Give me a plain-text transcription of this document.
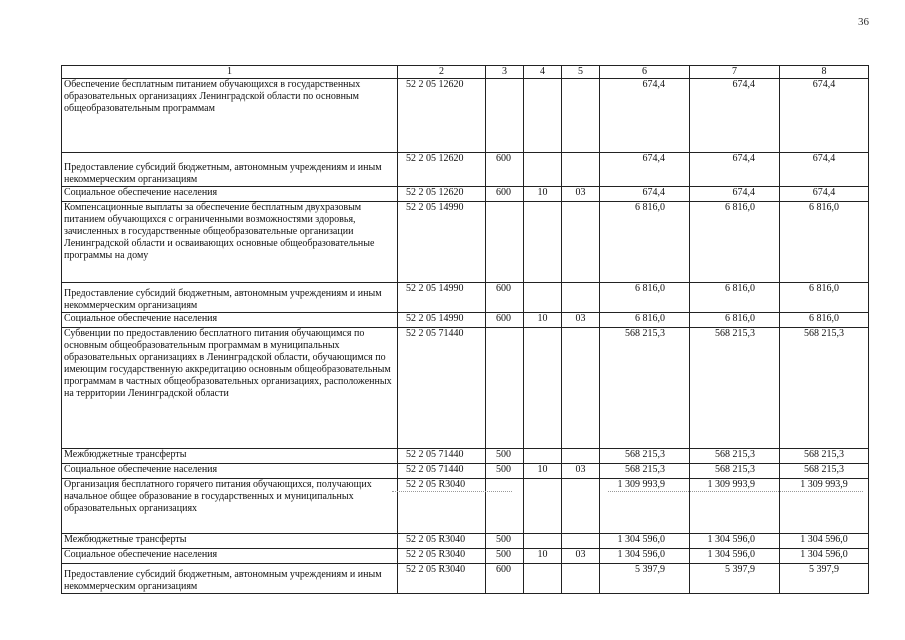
36
1	2	3	4	5	6	7	8
Обеспечение бесплатным питанием обучающихся в государственных образовательных организациях Ленинградской области по основным общеобразовательным программам	52 2 05 12620				674,4	674,4	674,4
Предоставление субсидий бюджетным, автономным учреждениям и иным некоммерческим организациям	52 2 05 12620	600			674,4	674,4	674,4
Социальное обеспечение населения	52 2 05 12620	600	10	03	674,4	674,4	674,4
Компенсационные выплаты за обеспечение бесплатным двухразовым питанием обучающихся с ограниченными возможностями здоровья, зачисленных в государственные общеобразовательные организации Ленинградской области и осваивающих основные общеобразовательные программы на дому	52 2 05 14990				6 816,0	6 816,0	6 816,0
Предоставление субсидий бюджетным, автономным учреждениям и иным некоммерческим организациям	52 2 05 14990	600			6 816,0	6 816,0	6 816,0
Социальное обеспечение населения	52 2 05 14990	600	10	03	6 816,0	6 816,0	6 816,0
Субвенции по предоставлению бесплатного питания обучающимся по основным общеобразовательным программам в муниципальных образовательных организациях в Ленинградской области, обучающимся по имеющим государственную аккредитацию основным общеобразовательным программам в частных общеобразовательных организациях, расположенных на территории Ленинградской области	52 2 05 71440				568 215,3	568 215,3	568 215,3
Межбюджетные трансферты	52 2 05 71440	500			568 215,3	568 215,3	568 215,3
Социальное обеспечение населения	52 2 05 71440	500	10	03	568 215,3	568 215,3	568 215,3
Организация бесплатного горячего питания обучающихся, получающих начальное общее образование в государственных и муниципальных образовательных организациях	52 2 05 R3040				1 309 993,9	1 309 993,9	1 309 993,9
Межбюджетные трансферты	52 2 05 R3040	500			1 304 596,0	1 304 596,0	1 304 596,0
Социальное обеспечение населения	52 2 05 R3040	500	10	03	1 304 596,0	1 304 596,0	1 304 596,0
Предоставление субсидий бюджетным, автономным учреждениям и иным некоммерческим организациям	52 2 05 R3040	600			5 397,9	5 397,9	5 397,9
